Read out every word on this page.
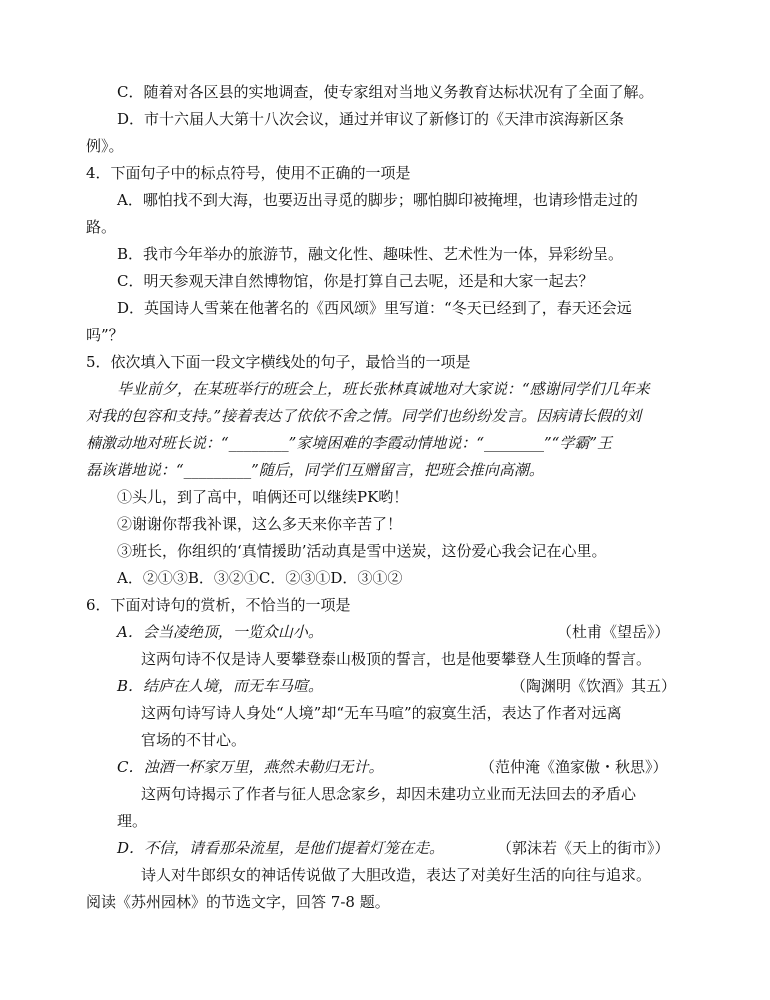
C．随着对各区县的实地调查，使专家组对当地义务教育达标状况有了全面了解。
D．市十六届人大第十八次会议，通过并审议了新修订的《天津市滨海新区条
例》。
4．下面句子中的标点符号，使用不正确的一项是
A．哪怕找不到大海，也要迈出寻觅的脚步；哪怕脚印被掩埋，也请珍惜走过的
路。
B．我市今年举办的旅游节，融文化性、趣味性、艺术性为一体，异彩纷呈。
C．明天参观天津自然博物馆，你是打算自己去呢，还是和大家一起去？
D．英国诗人雪莱在他著名的《西风颂》里写道：“冬天已经到了，春天还会远
吗”？
5．依次填入下面一段文字横线处的句子，最恰当的一项是
毕业前夕，在某班举行的班会上，班长张林真诚地对大家说：“感谢同学们几年来
对我的包容和支持。”接着表达了依依不舍之情。同学们也纷纷发言。因病请长假的刘
楠激动地对班长说：“________”家境困难的李霞动情地说：“________”“学霸”王
磊诙谐地说：“_________”随后，同学们互赠留言，把班会推向高潮。
①头儿，到了高中，咱俩还可以继续PK哟！
②谢谢你帮我补课，这么多天来你辛苦了！
③班长，你组织的‘真情援助’活动真是雪中送炭，这份爱心我会记在心里。
A．②①③B．③②①C．②③①D．③①②
6．下面对诗句的赏析，不恰当的一项是
A．会当凌绝顶，一览众山小。	（杜甫《望岳》）
这两句诗不仅是诗人要攀登泰山极顶的誓言，也是他要攀登人生顶峰的誓言。
B．结庐在人境，而无车马喧。	（陶渊明《饮酒》其五）
这两句诗写诗人身处“人境”却“无车马喧”的寂寞生活，表达了作者对远离
官场的不甘心。
C．浊酒一杯家万里，燕然未勒归无计。	（范仲淹《渔家傲・秋思》）
这两句诗揭示了作者与征人思念家乡，却因未建功立业而无法回去的矛盾心
理。
D．不信，请看那朵流星，是他们提着灯笼在走。	（郭沫若《天上的街市》）
诗人对牛郎织女的神话传说做了大胆改造，表达了对美好生活的向往与追求。
阅读《苏州园林》的节选文字，回答 7-8 题。
